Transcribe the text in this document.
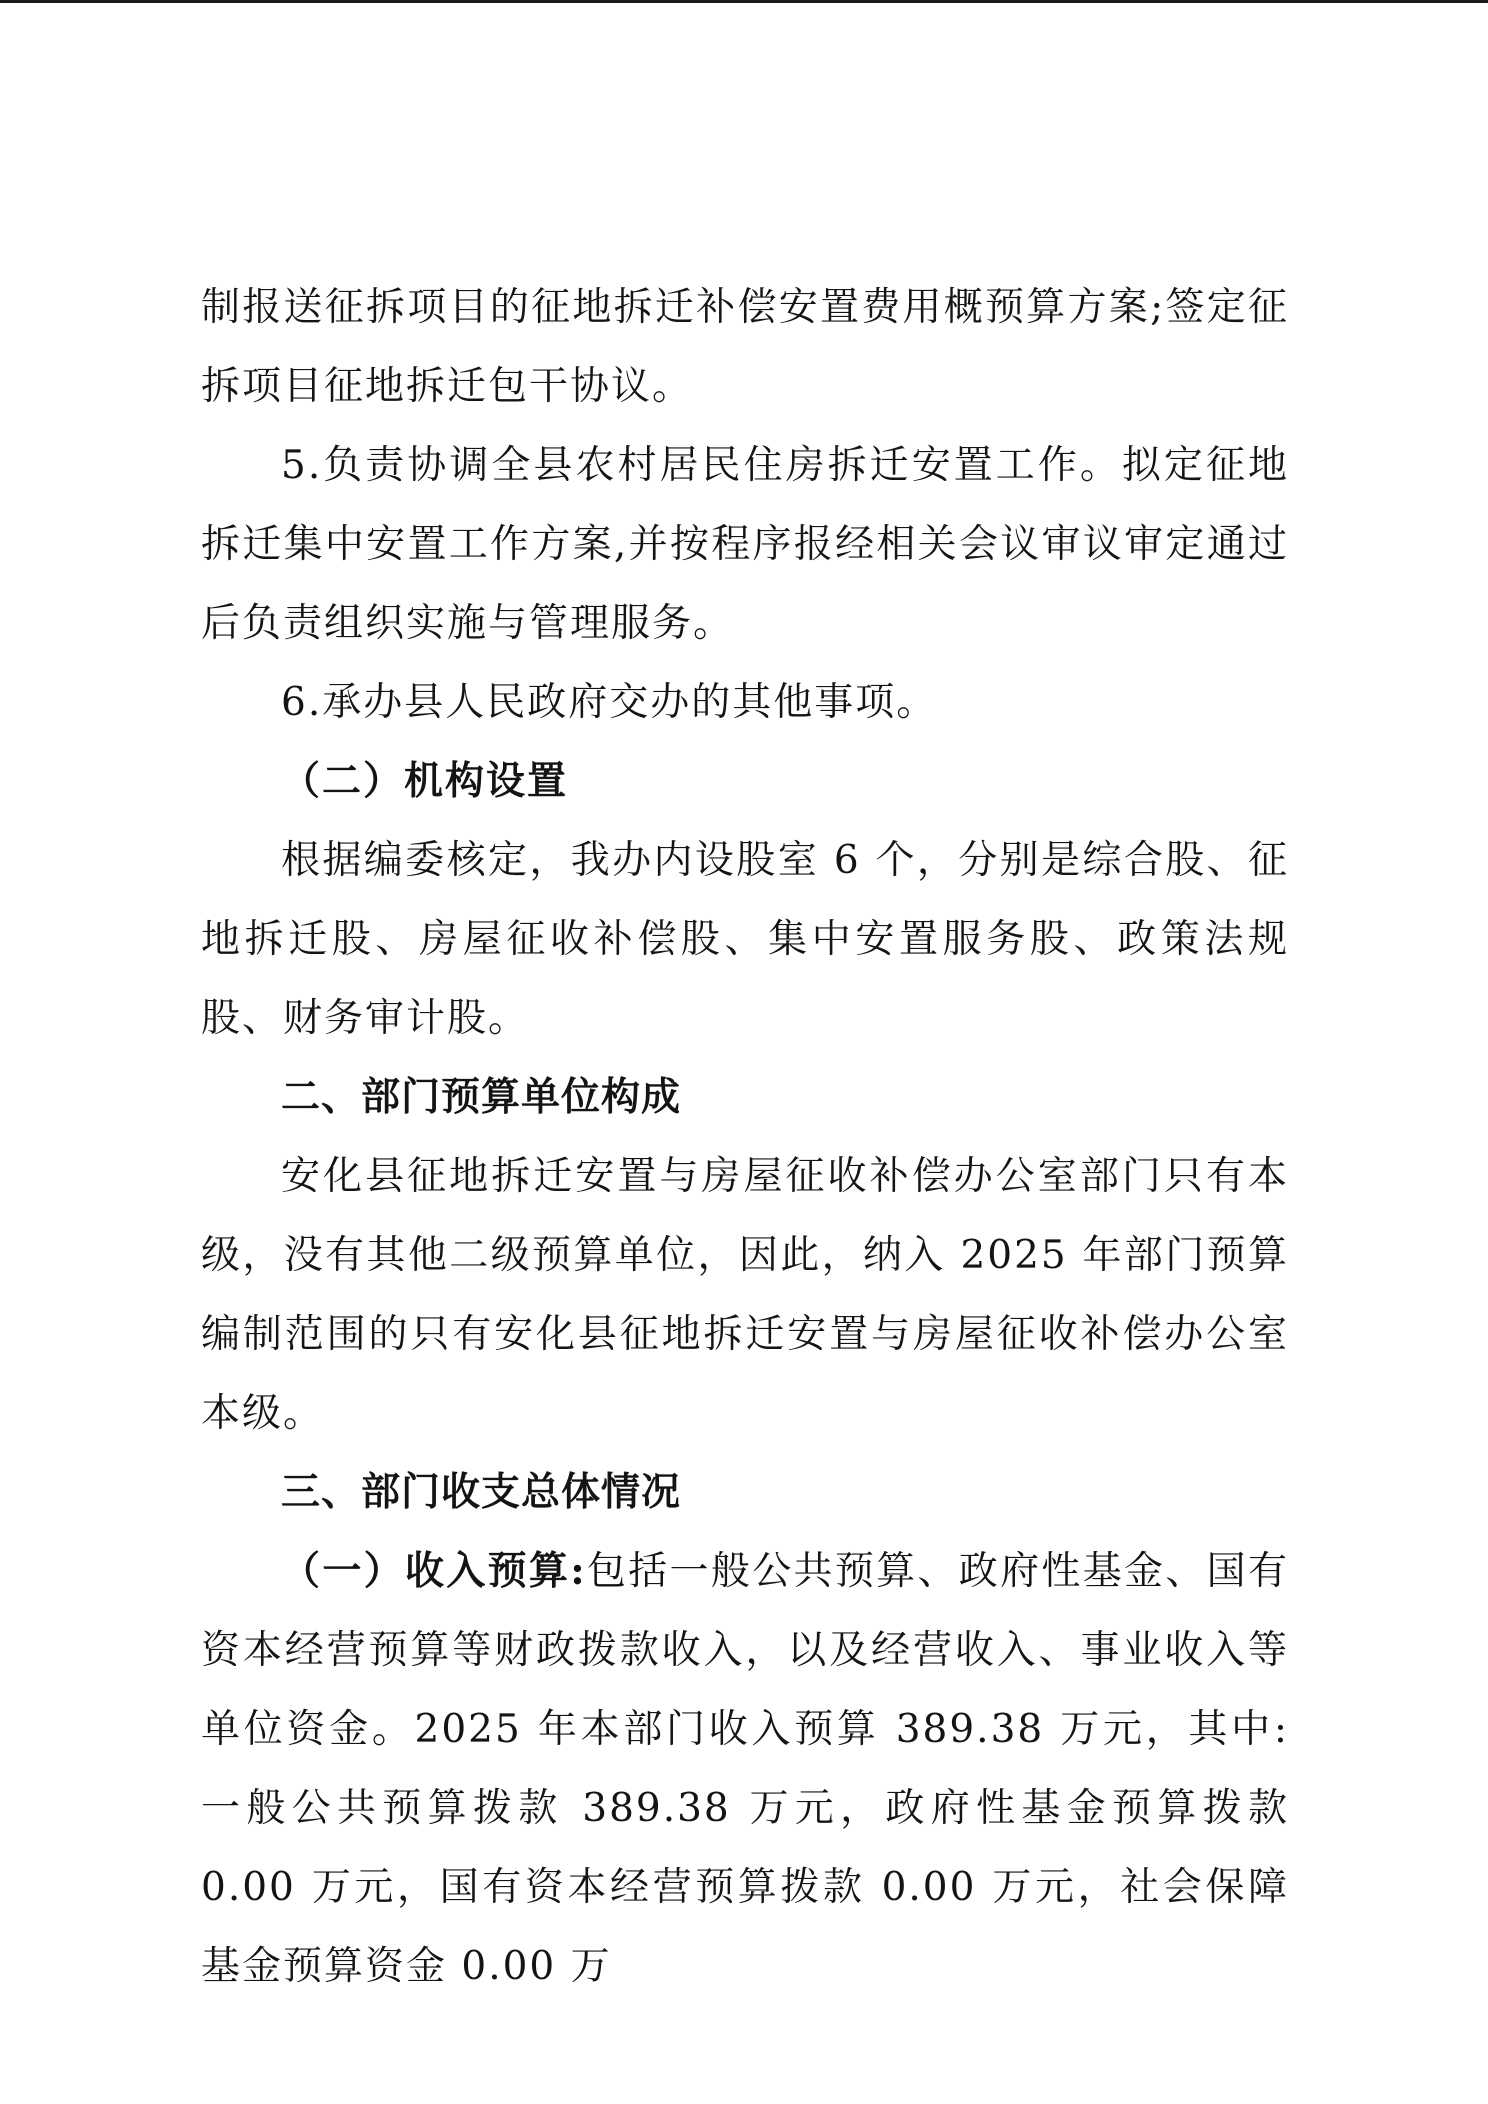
制报送征拆项目的征地拆迁补偿安置费用概预算方案;签定征拆项目征地拆迁包干协议。

5.负责协调全县农村居民住房拆迁安置工作。拟定征地拆迁集中安置工作方案,并按程序报经相关会议审议审定通过后负责组织实施与管理服务。

6.承办县人民政府交办的其他事项。

（二）机构设置

根据编委核定，我办内设股室 6 个，分别是综合股、征地拆迁股、房屋征收补偿股、集中安置服务股、政策法规股、财务审计股。

二、部门预算单位构成

安化县征地拆迁安置与房屋征收补偿办公室部门只有本级，没有其他二级预算单位，因此，纳入 2025 年部门预算编制范围的只有安化县征地拆迁安置与房屋征收补偿办公室本级。

三、部门收支总体情况

（一）收入预算:包括一般公共预算、政府性基金、国有资本经营预算等财政拨款收入，以及经营收入、事业收入等单位资金。2025 年本部门收入预算 389.38 万元，其中: 一般公共预算拨款 389.38 万元，政府性基金预算拨款 0.00 万元，国有资本经营预算拨款 0.00 万元，社会保障基金预算资金 0.00 万
